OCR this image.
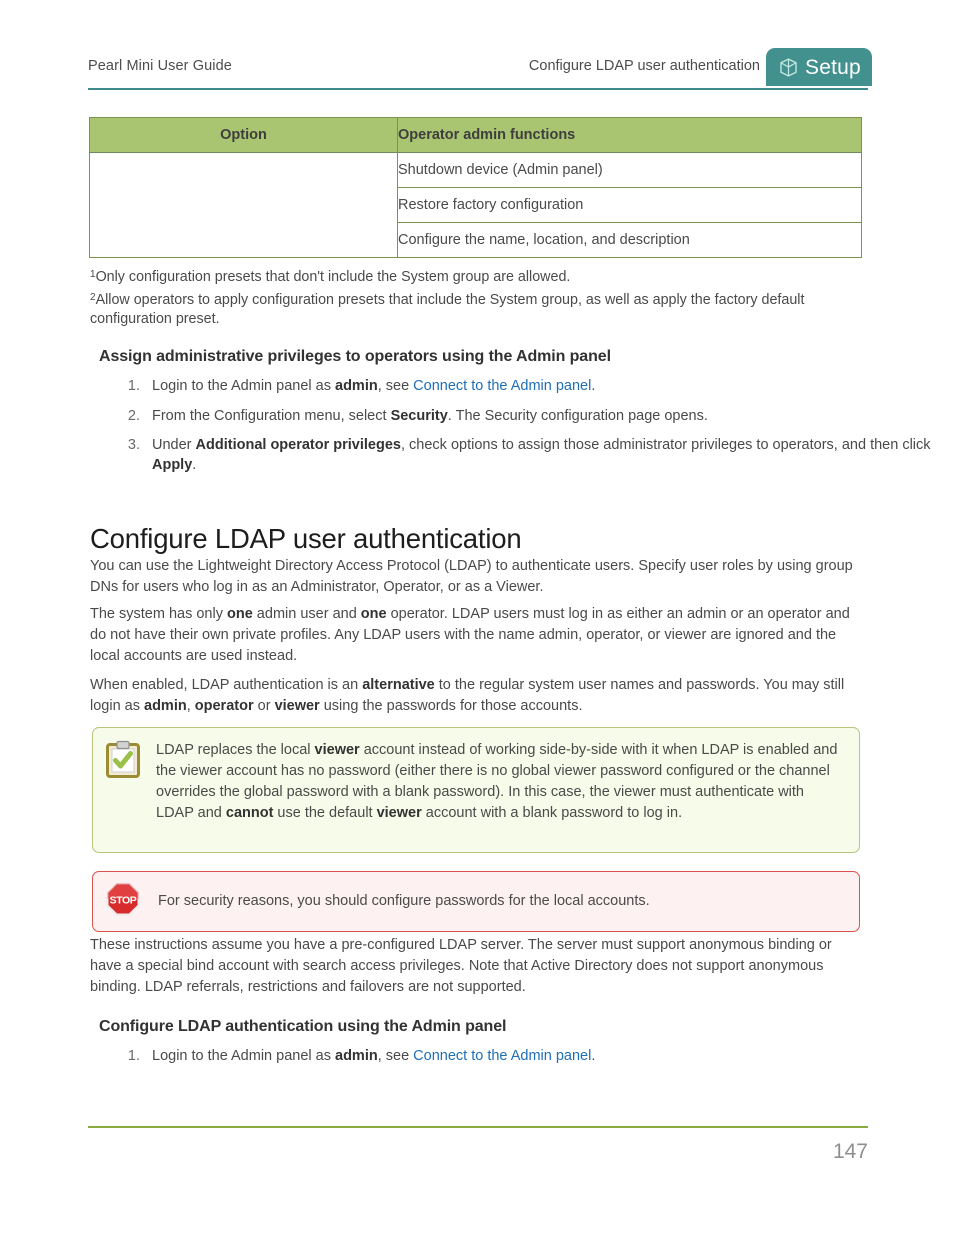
Pearl Mini User Guide	Configure LDAP user authentication Setup
Option	Operator admin functions
	Shutdown device (Admin panel)
	Restore factory configuration
	Configure the name, location, and description
$^1$Only configuration presets that don't include the System group are allowed.
$^2$Allow operators to apply configuration presets that include the System group, as well as apply the factory default configuration preset.
Assign administrative privileges to operators using the Admin panel
1. Login to the Admin panel as admin, see Connect to the Admin panel.
2. From the Configuration menu, select Security. The Security configuration page opens.
3. Under Additional operator privileges, check options to assign those administrator privileges to operators, and then click Apply.
Configure LDAP user authentication
You can use the Lightweight Directory Access Protocol (LDAP) to authenticate users. Specify user roles by using group DNs for users who log in as an Administrator, Operator, or as a Viewer.
The system has only one admin user and one operator. LDAP users must log in as either an admin or an operator and do not have their own private profiles. Any LDAP users with the name admin, operator, or viewer are ignored and the local accounts are used instead.
When enabled, LDAP authentication is an alternative to the regular system user names and passwords. You may still login as admin, operator or viewer using the passwords for those accounts.
LDAP replaces the local viewer account instead of working side-by-side with it when LDAP is enabled and the viewer account has no password (either there is no global viewer password configured or the channel overrides the global password with a blank password). In this case, the viewer must authenticate with LDAP and cannot use the default viewer account with a blank password to log in.
STOP	For security reasons, you should configure passwords for the local accounts.
These instructions assume you have a pre-configured LDAP server. The server must support anonymous binding or have a special bind account with search access privileges. Note that Active Directory does not support anonymous binding. LDAP referrals, restrictions and failovers are not supported.
Configure LDAP authentication using the Admin panel
1. Login to the Admin panel as admin, see Connect to the Admin panel.
147
